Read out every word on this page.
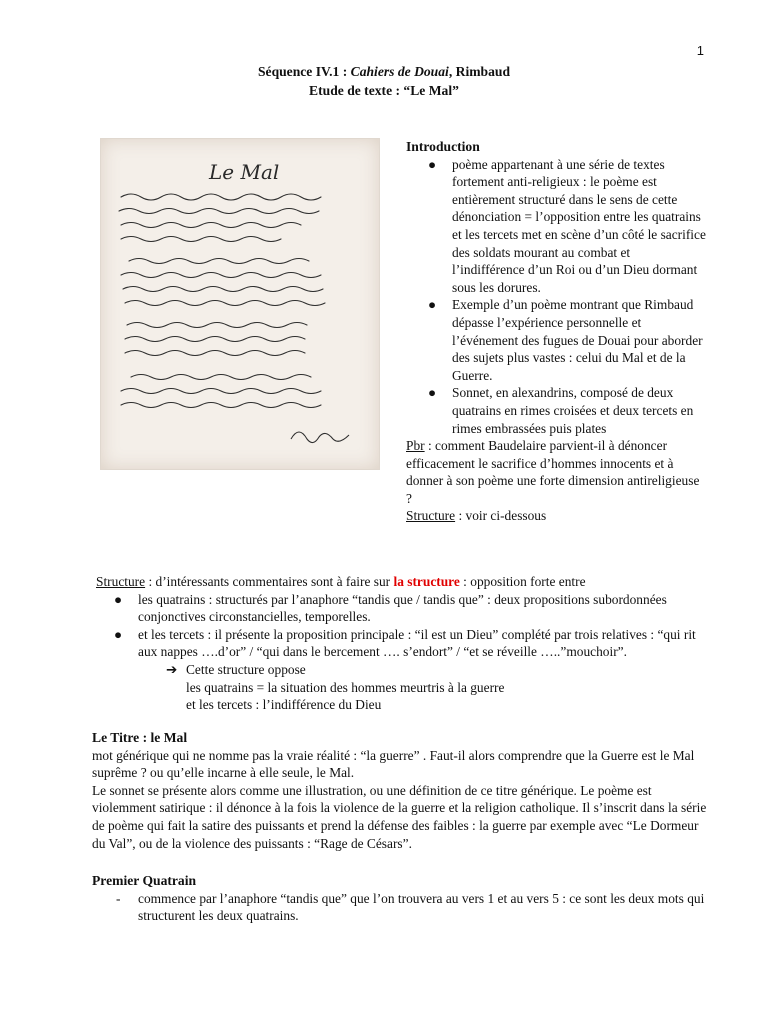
1
Séquence IV.1 : Cahiers de Douai, Rimbaud
Etude de texte : “Le Mal”
Le Mal
Introduction
● poème appartenant à une série de textes fortement anti-religieux : le poème est entièrement structuré dans le sens de cette dénonciation = l’opposition entre les quatrains et les tercets met en scène d’un côté le sacrifice des soldats mourant au combat et l’indifférence d’un Roi ou d’un Dieu dormant sous les dorures.
● Exemple d’un poème montrant que Rimbaud dépasse l’expérience personnelle et l’événement des fugues de Douai pour aborder des sujets plus vastes : celui du Mal et de la Guerre.
● Sonnet, en alexandrins, composé de deux quatrains en rimes croisées et deux tercets en rimes embrassées puis plates
Pbr : comment Baudelaire parvient-il à dénoncer efficacement le sacrifice d’hommes innocents et à donner à son poème une forte dimension antireligieuse ?
Structure : voir ci-dessous
Structure : d’intéressants commentaires sont à faire sur la structure : opposition forte entre
● les quatrains : structurés par l’anaphore “tandis que / tandis que” : deux propositions subordonnées conjonctives circonstancielles, temporelles.
● et les tercets : il présente la proposition principale : “il est un Dieu” complété par trois relatives : “qui rit aux nappes ….d’or” / “qui dans le bercement …. s’endort” / “et se réveille …..”mouchoir”.
➔ Cette structure oppose
les quatrains = la situation des hommes meurtris à la guerre
et les tercets : l’indifférence du Dieu
Le Titre : le Mal
mot générique qui ne nomme pas la vraie réalité : “la guerre” . Faut-il alors comprendre que la Guerre est le Mal suprême ? ou qu’elle incarne à elle seule, le Mal.
Le sonnet se présente alors comme une illustration, ou une définition de ce titre générique. Le poème est violemment satirique : il dénonce à la fois la violence de la guerre et la religion catholique. Il s’inscrit dans la série de poème qui fait la satire des puissants et prend la défense des faibles : la guerre par exemple avec “Le Dormeur du Val”, ou de la violence des puissants : “Rage de Césars”.
Premier Quatrain
- commence par l’anaphore “tandis que” que l’on trouvera au vers 1 et au vers 5 : ce sont les deux mots qui structurent les deux quatrains.
